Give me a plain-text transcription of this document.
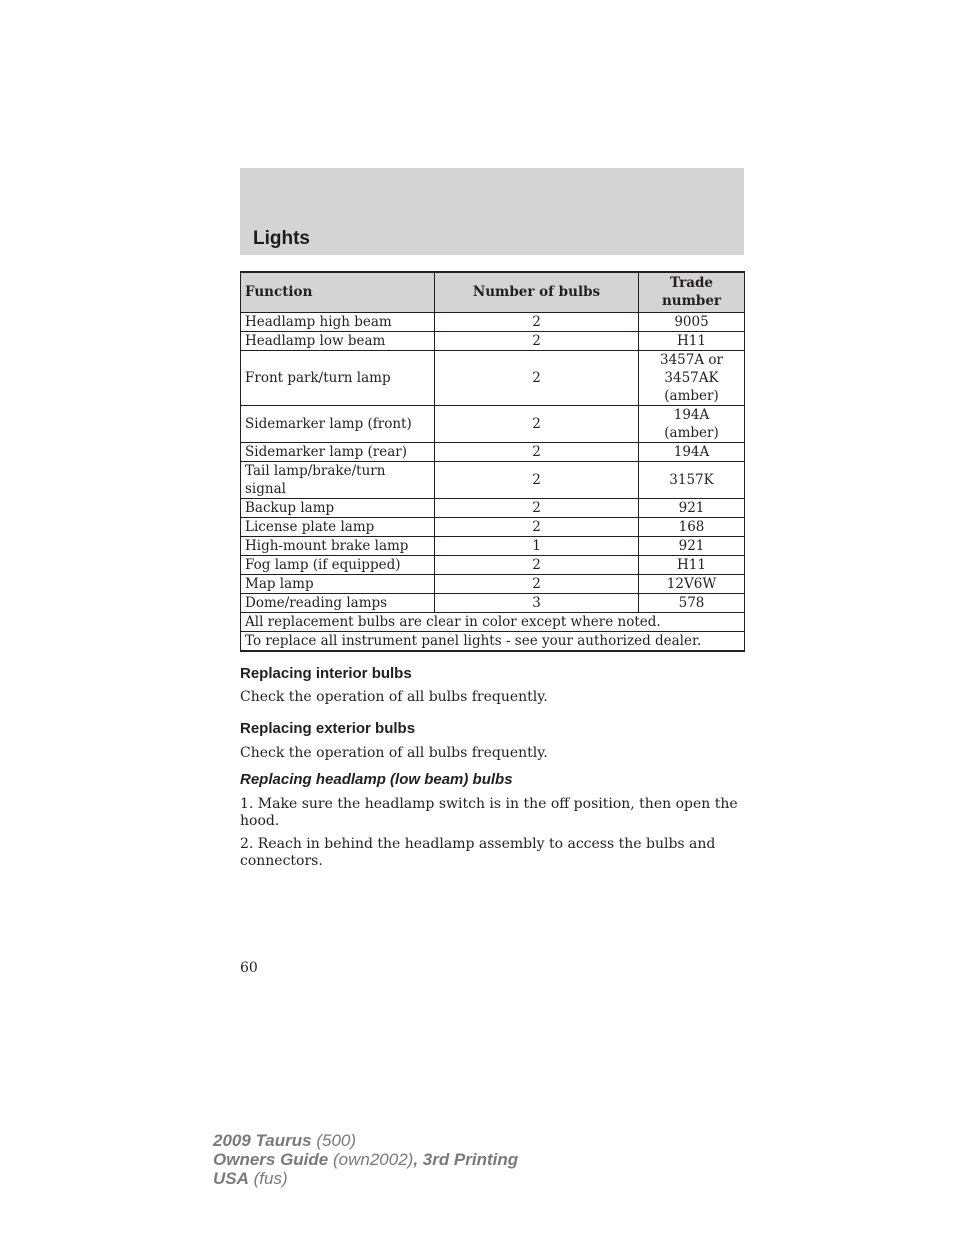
Lights
Function	Number of bulbs	Trade number
Headlamp high beam	2	9005
Headlamp low beam	2	H11
Front park/turn lamp	2	3457A or 3457AK (amber)
Sidemarker lamp (front)	2	194A (amber)
Sidemarker lamp (rear)	2	194A
Tail lamp/brake/turn signal	2	3157K
Backup lamp	2	921
License plate lamp	2	168
High-mount brake lamp	1	921
Fog lamp (if equipped)	2	H11
Map lamp	2	12V6W
Dome/reading lamps	3	578
All replacement bulbs are clear in color except where noted.		
To replace all instrument panel lights - see your authorized dealer.		
Replacing interior bulbs
Check the operation of all bulbs frequently.
Replacing exterior bulbs
Check the operation of all bulbs frequently.
Replacing headlamp (low beam) bulbs
1. Make sure the headlamp switch is in the off position, then open the hood.
2. Reach in behind the headlamp assembly to access the bulbs and connectors.
60
2009 Taurus (500)
Owners Guide (own2002), 3rd Printing
USA (fus)
